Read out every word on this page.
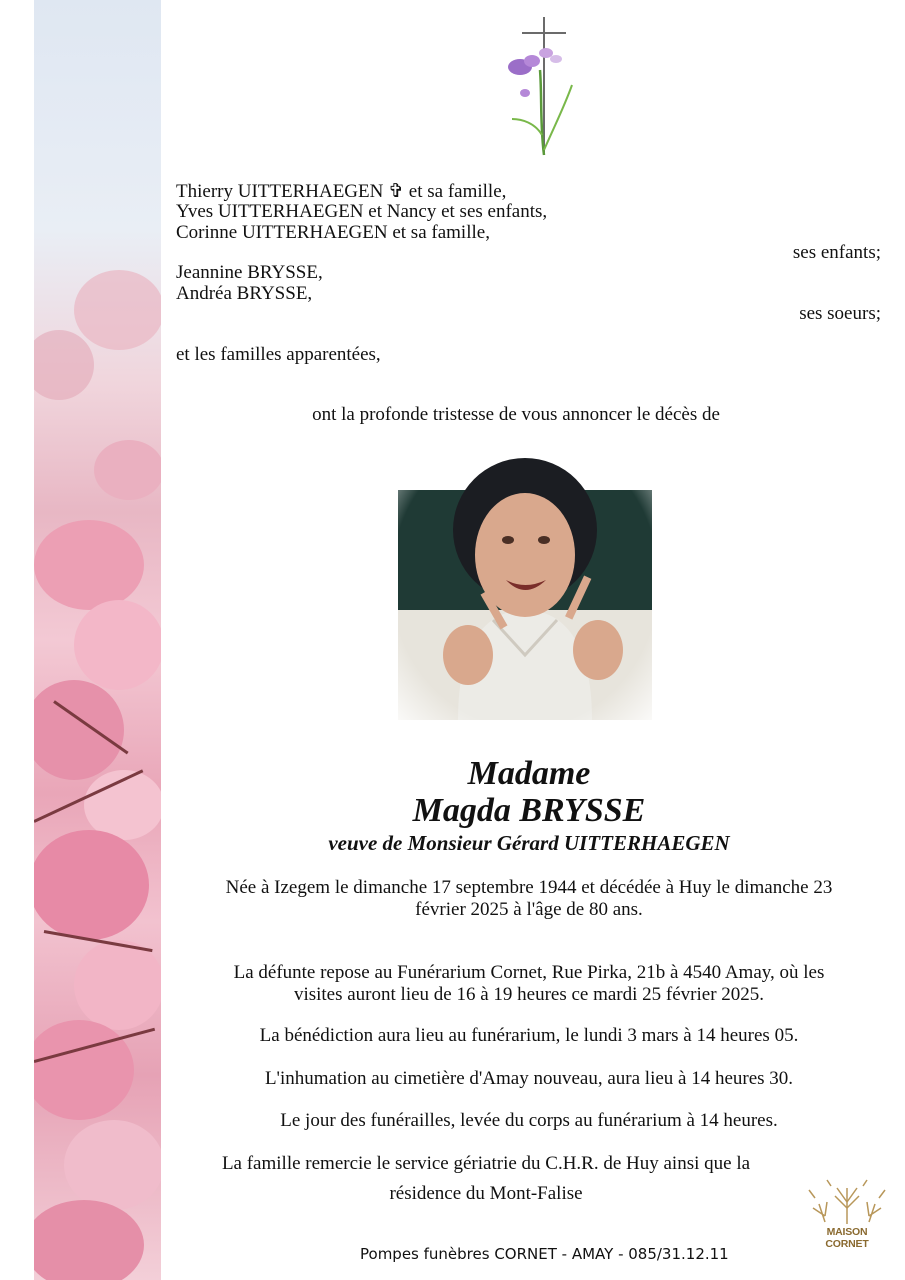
Thierry UITTERHAEGEN ✞ et sa famille,
Yves UITTERHAEGEN et Nancy et ses enfants,
Corinne UITTERHAEGEN et sa famille,
ses enfants;
Jeannine BRYSSE,
Andréa BRYSSE,
ses soeurs;
et les familles apparentées,
ont la profonde tristesse de vous annoncer le décès de
Madame
Magda BRYSSE
veuve de Monsieur Gérard UITTERHAEGEN
Née à Izegem le dimanche 17 septembre 1944 et décédée à Huy le dimanche 23
février 2025 à l'âge de 80 ans.
La défunte repose au Funérarium Cornet, Rue Pirka, 21b à 4540 Amay, où les
visites auront lieu de 16 à 19 heures ce mardi 25 février 2025.
La bénédiction aura lieu au funérarium, le lundi 3 mars à 14 heures 05.
L'inhumation au cimetière d'Amay nouveau, aura lieu à 14 heures 30.
Le jour des funérailles, levée du corps au funérarium à 14 heures.
La famille remercie le service gériatrie du C.H.R. de Huy ainsi que la
résidence du Mont-Falise
Pompes funèbres CORNET - AMAY - 085/31.12.11
MAISON CORNET
